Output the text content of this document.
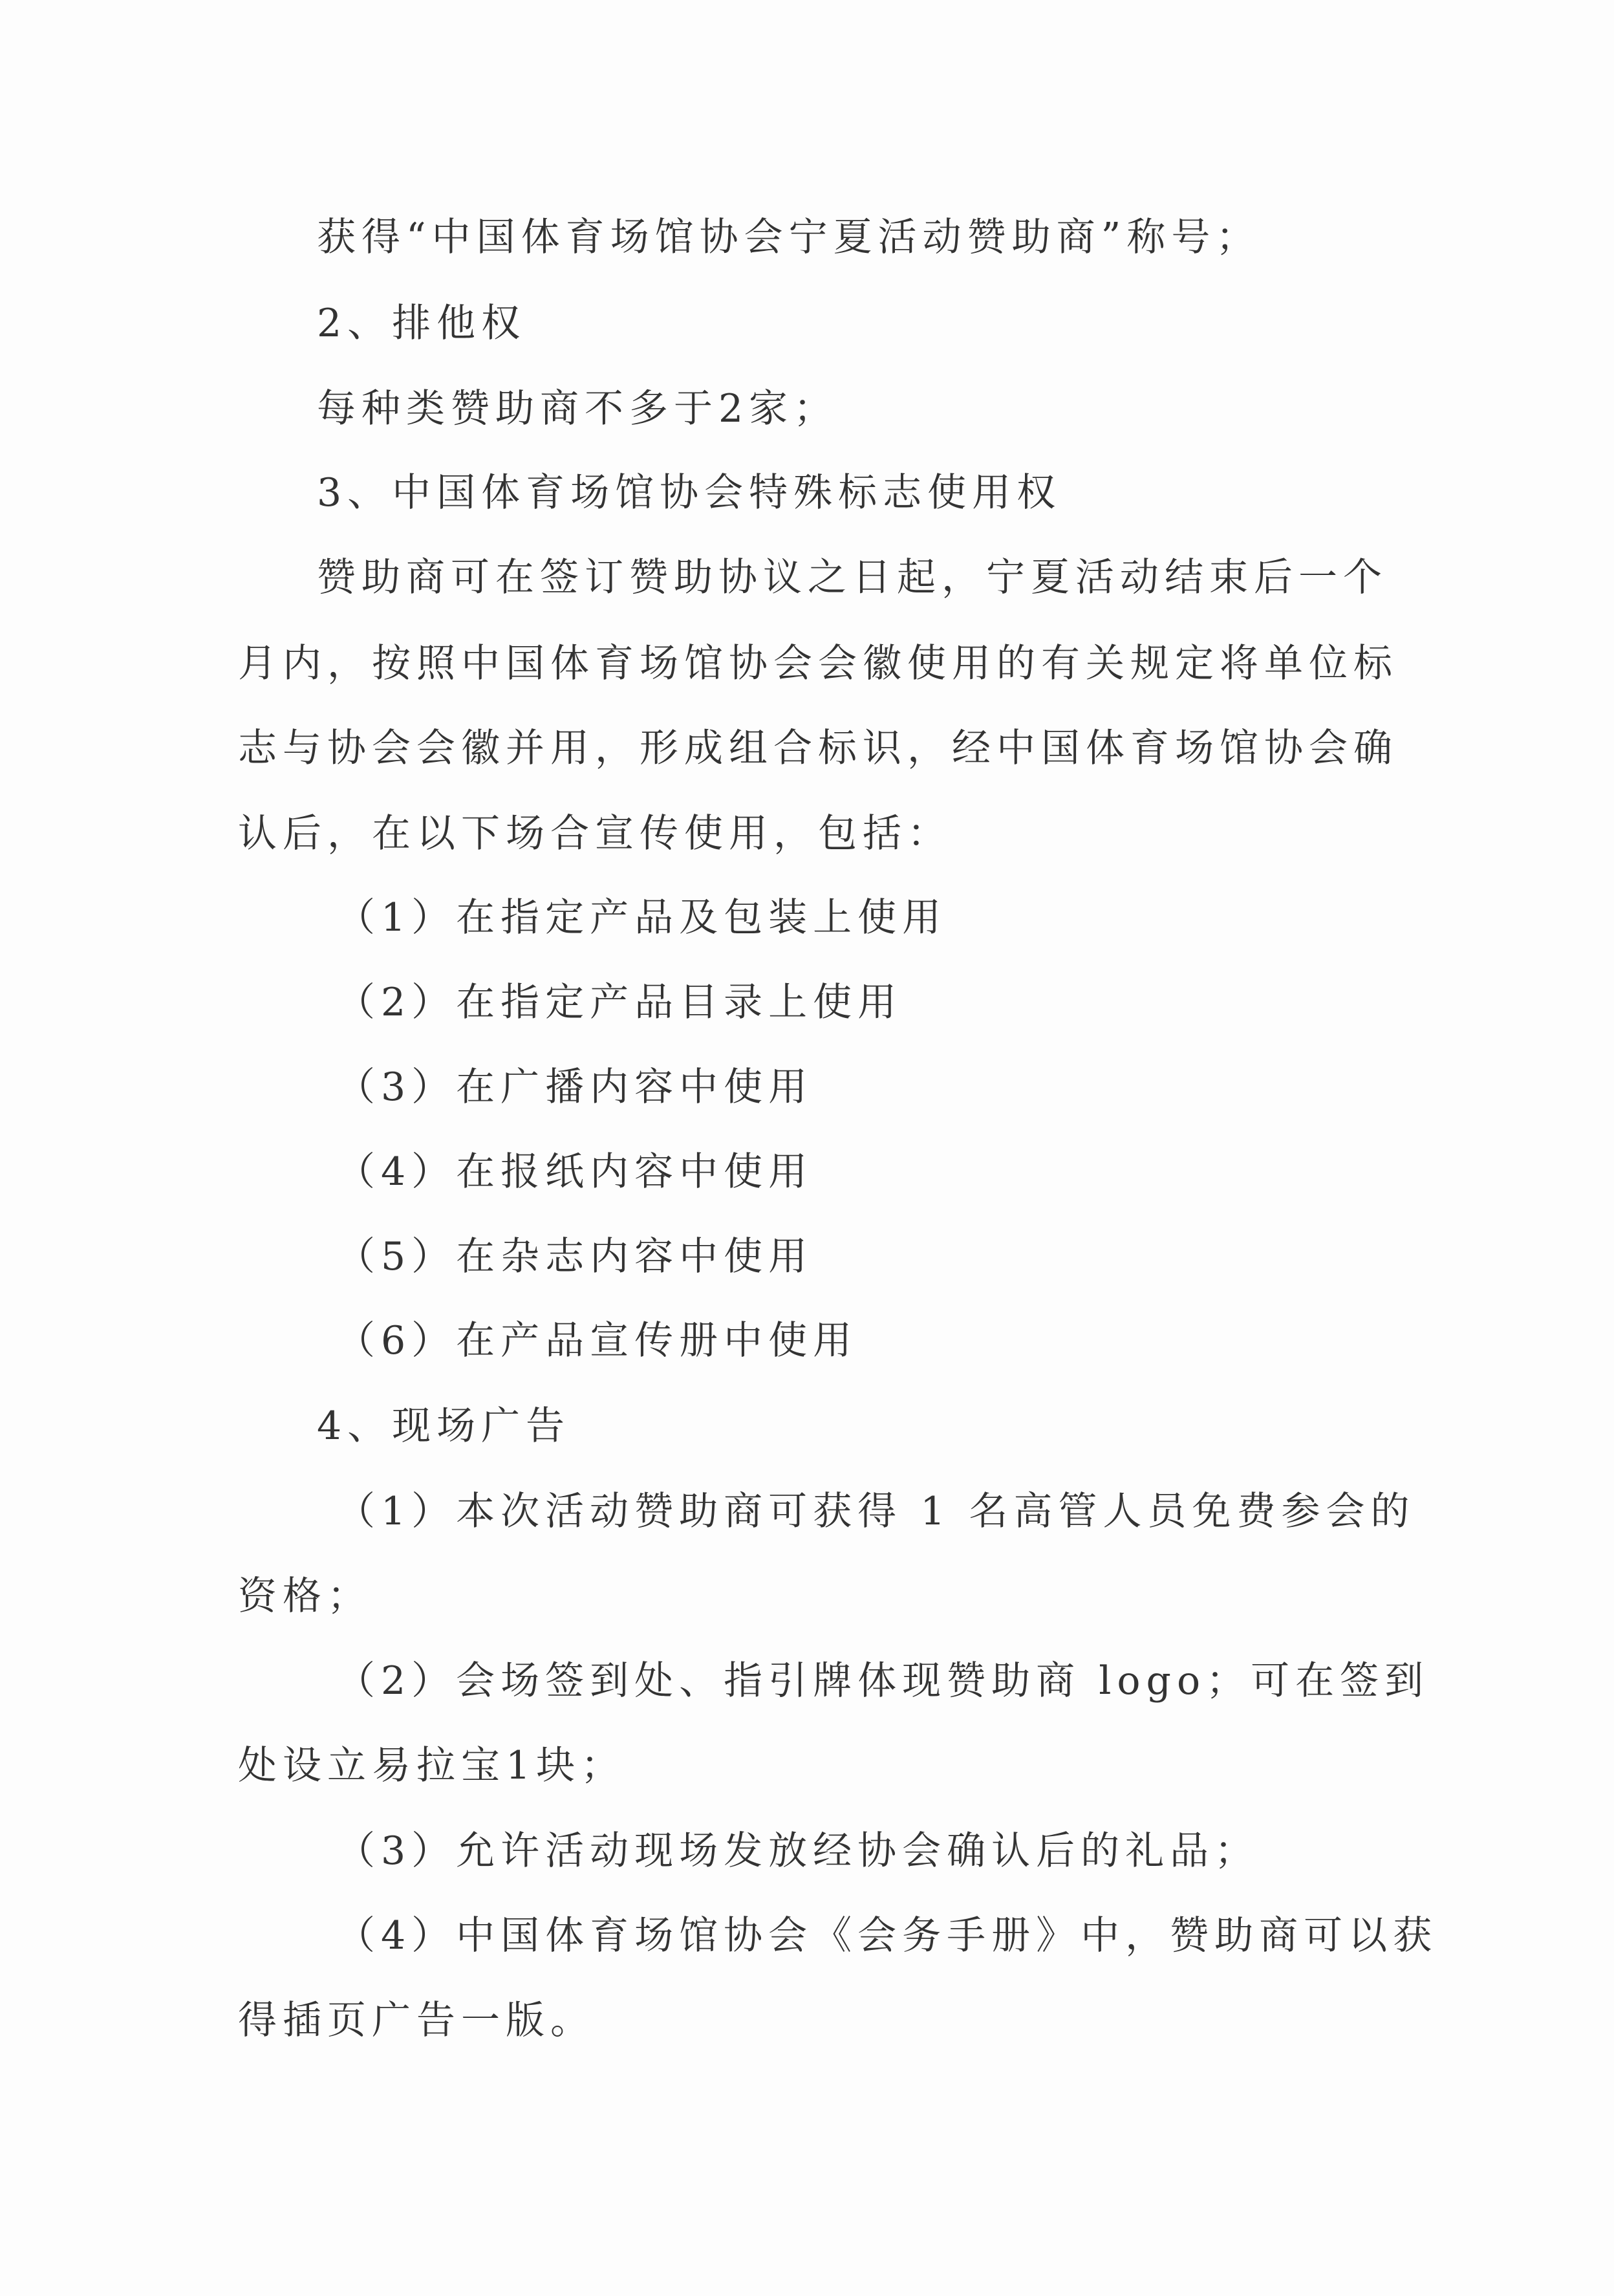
获得“中国体育场馆协会宁夏活动赞助商”称号；
2、排他权
每种类赞助商不多于2家；
3、中国体育场馆协会特殊标志使用权
赞助商可在签订赞助协议之日起，宁夏活动结束后一个
月内，按照中国体育场馆协会会徽使用的有关规定将单位标
志与协会会徽并用，形成组合标识，经中国体育场馆协会确
认后，在以下场合宣传使用，包括：
（1）在指定产品及包装上使用
（2）在指定产品目录上使用
（3）在广播内容中使用
（4）在报纸内容中使用
（5）在杂志内容中使用
（6）在产品宣传册中使用
4、现场广告
（1）本次活动赞助商可获得 1 名高管人员免费参会的
资格；
（2）会场签到处、指引牌体现赞助商 logo；可在签到
处设立易拉宝1块；
（3）允许活动现场发放经协会确认后的礼品；
（4）中国体育场馆协会《会务手册》中，赞助商可以获
得插页广告一版。
